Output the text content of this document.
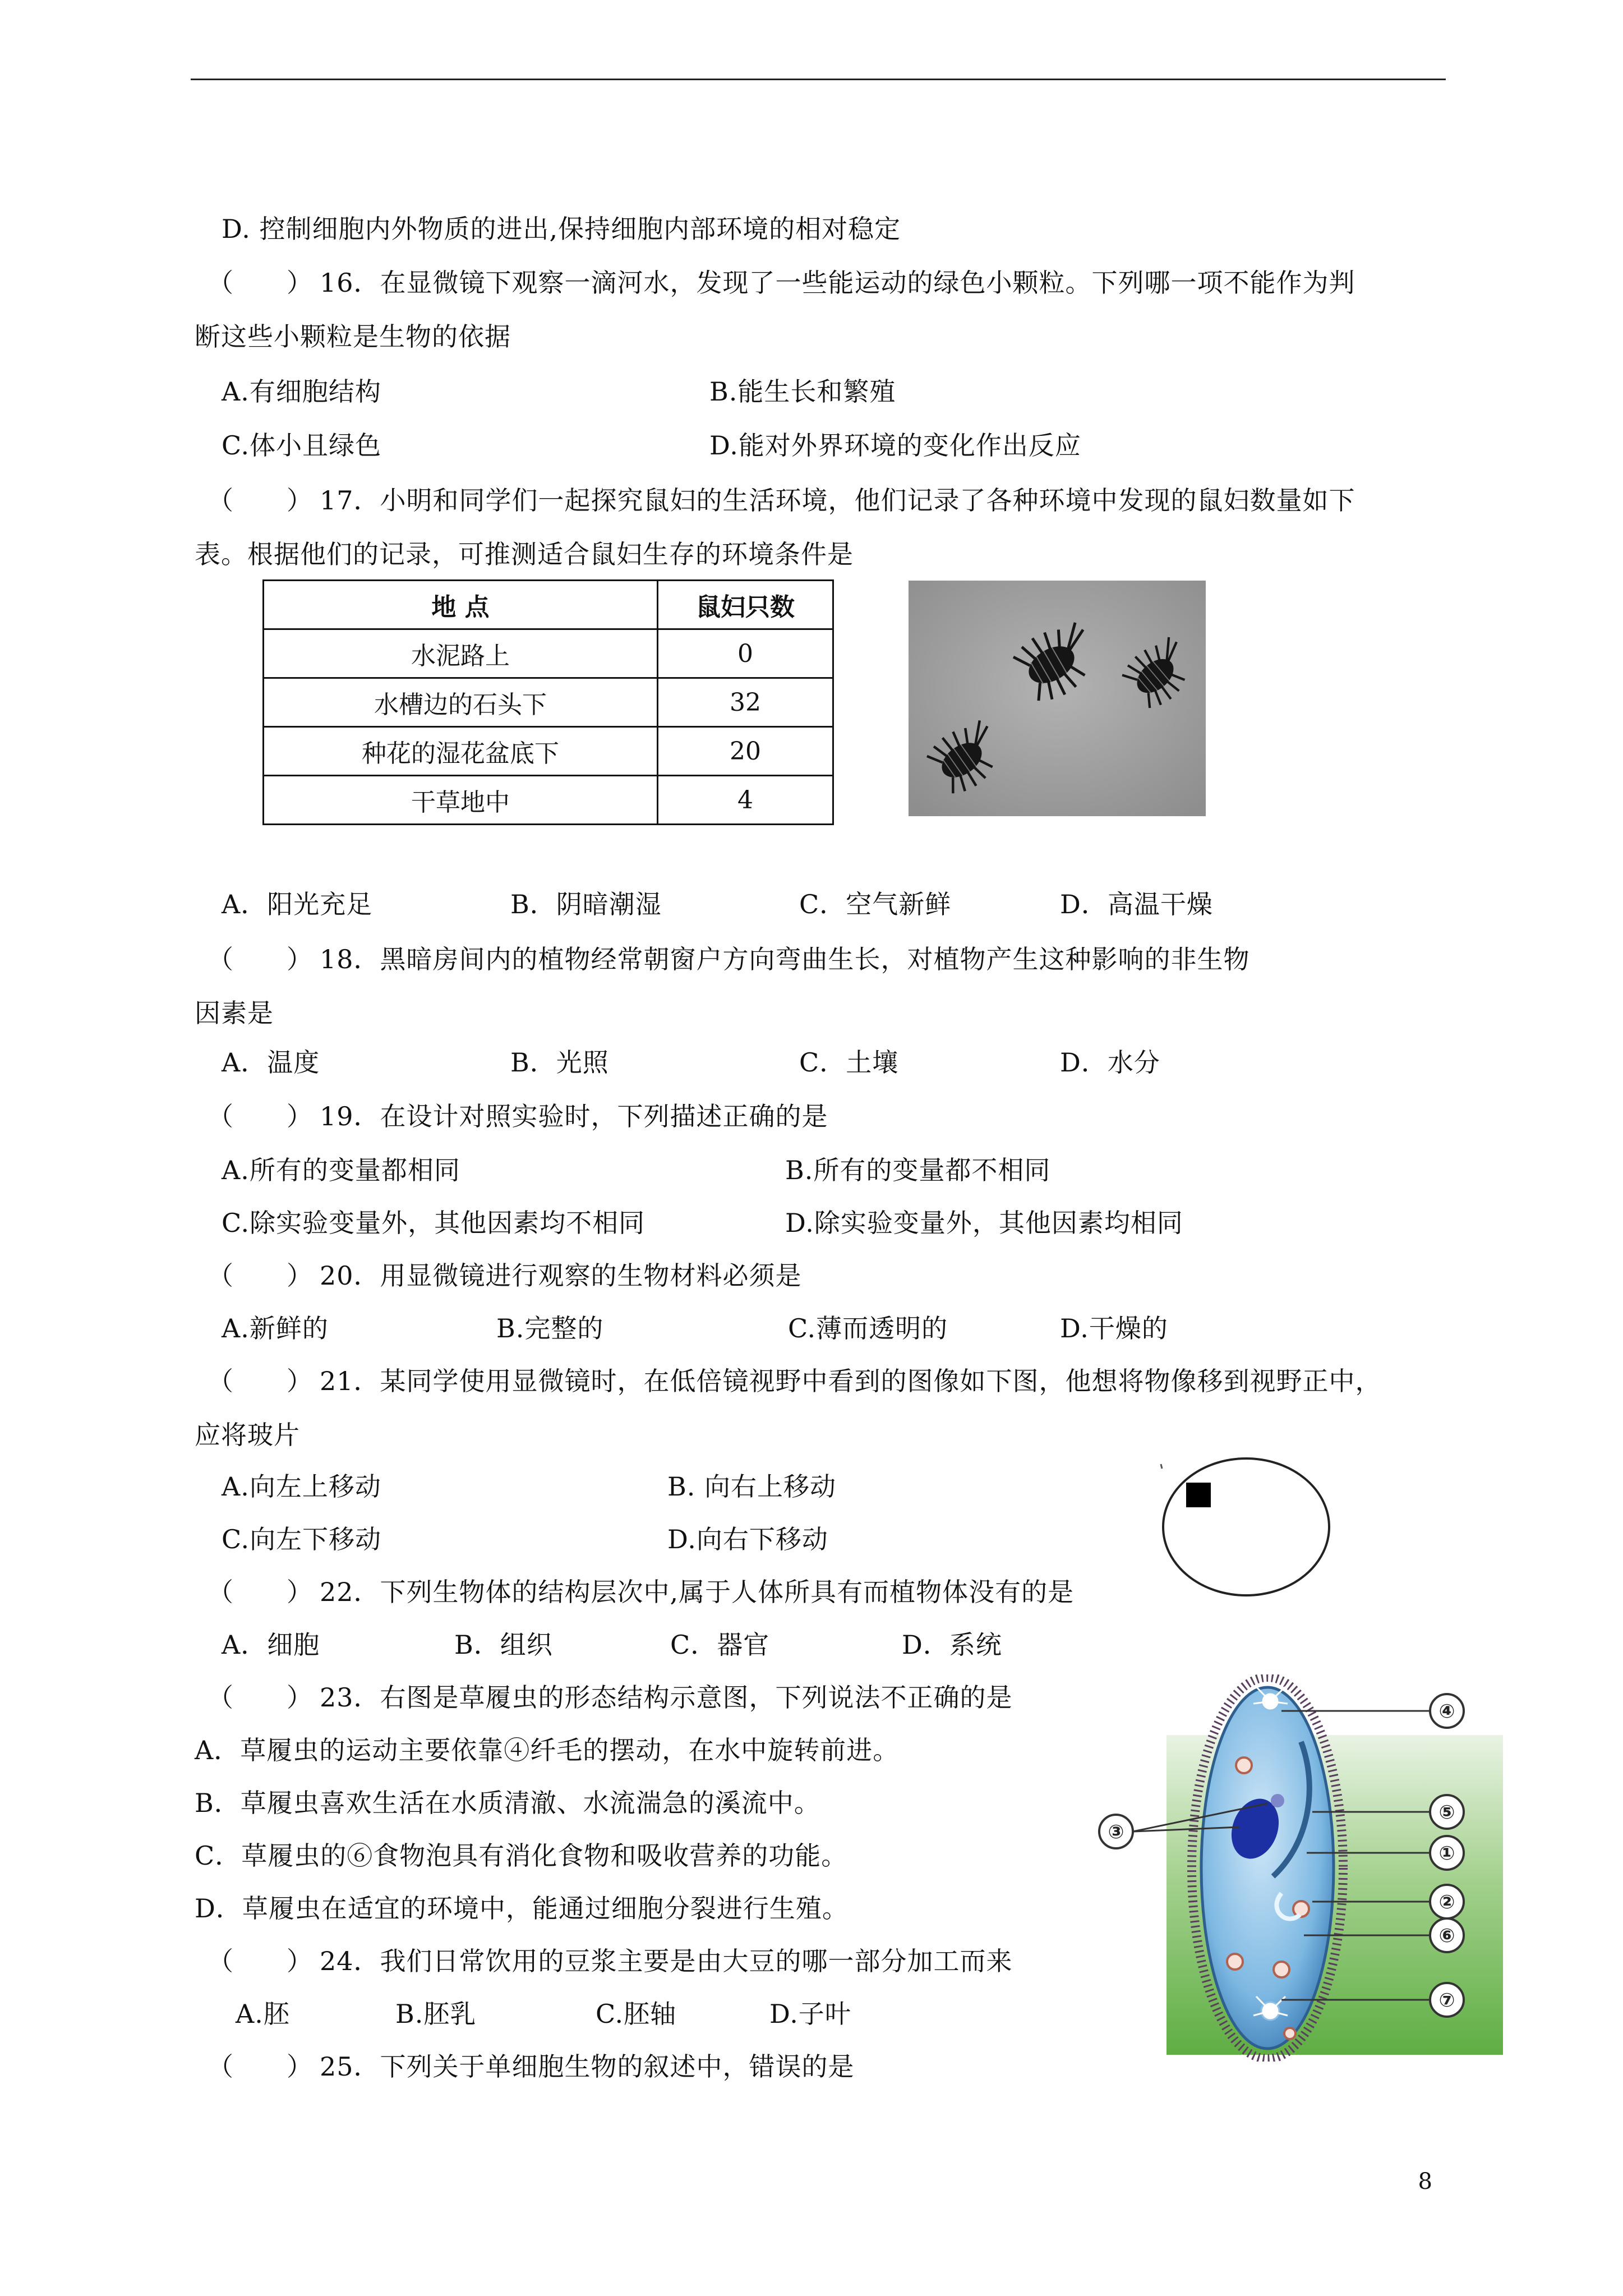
D. 控制细胞内外物质的进出,保持细胞内部环境的相对稳定
（　　） 16．在显微镜下观察一滴河水，发现了一些能运动的绿色小颗粒。下列哪一项不能作为判
断这些小颗粒是生物的依据
A.有细胞结构	B.能生长和繁殖
C.体小且绿色	D.能对外界环境的变化作出反应
（　　） 17．小明和同学们一起探究鼠妇的生活环境，他们记录了各种环境中发现的鼠妇数量如下
表。根据他们的记录，可推测适合鼠妇生存的环境条件是
地 点	鼠妇只数
水泥路上	0
水槽边的石头下	32
种花的湿花盆底下	20
干草地中	4
A．阳光充足	B．阴暗潮湿	C．空气新鲜	D．高温干燥
（　　） 18．黑暗房间内的植物经常朝窗户方向弯曲生长，对植物产生这种影响的非生物
因素是
A．温度	B．光照	C．土壤	D．水分
（　　） 19．在设计对照实验时，下列描述正确的是
A.所有的变量都相同	B.所有的变量都不相同
C.除实验变量外，其他因素均不相同	D.除实验变量外，其他因素均相同
（　　） 20．用显微镜进行观察的生物材料必须是
A.新鲜的	B.完整的	C.薄而透明的	D.干燥的
（　　） 21．某同学使用显微镜时，在低倍镜视野中看到的图像如下图，他想将物像移到视野正中，
应将玻片
A.向左上移动	B. 向右上移动
C.向左下移动	D.向右下移动
（　　） 22．下列生物体的结构层次中,属于人体所具有而植物体没有的是
A．细胞	B．组织	C．器官	D．系统
（　　） 23．右图是草履虫的形态结构示意图，下列说法不正确的是
A．草履虫的运动主要依靠④纤毛的摆动，在水中旋转前进。
B．草履虫喜欢生活在水质清澈、水流湍急的溪流中。
C．草履虫的⑥食物泡具有消化食物和吸收营养的功能。
D．草履虫在适宜的环境中，能通过细胞分裂进行生殖。
④
⑤
①
②
⑥
⑦
③
（　　） 24．我们日常饮用的豆浆主要是由大豆的哪一部分加工而来
A.胚	B.胚乳	C.胚轴	D.子叶
（　　） 25．下列关于单细胞生物的叙述中，错误的是
8
